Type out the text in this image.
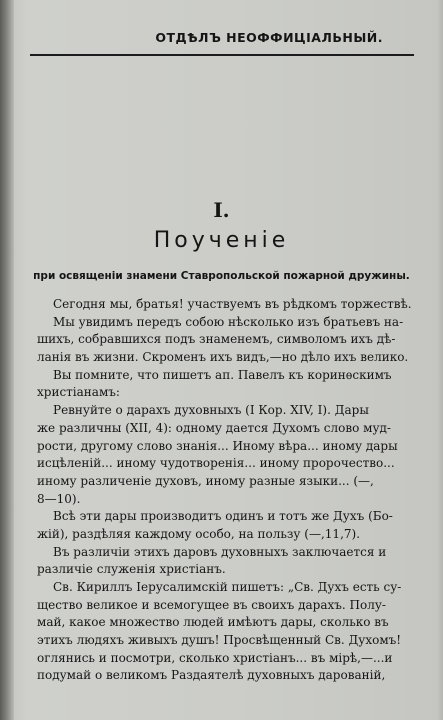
ОТДѢЛЪ НЕОФФИЦІАЛЬНЫЙ.
I.
Поученіе
при освященіи знамени Ставропольской пожарной дружины.
Сегодня мы, братья! участвуемъ въ рѣдкомъ торжествѣ.
Мы увидимъ передъ собою нѣсколько изъ братьевъ на-
шихъ, собравшихся подъ знаменемъ, символомъ ихъ дѣ-
ланія въ жизни. Скроменъ ихъ видъ,—но дѣло ихъ велико.
Вы помните, что пишетъ ап. Павелъ къ коринѳскимъ
христіанамъ:
Ревнуйте о дарахъ духовныхъ (I Кор. XIV, I). Дары
же различны (XII, 4): одному дается Духомъ слово муд-
рости, другому слово знанія... Иному вѣра... иному дары
исцѣленій... иному чудотворенія... иному пророчество...
иному различеніе духовъ, иному разные языки... (—,
8—10).
Всѣ эти дары производитъ одинъ и тотъ же Духъ (Бо-
жій), раздѣляя каждому особо, на пользу (—,11,7).
Въ различіи этихъ даровъ духовныхъ заключается и
различіе служенія христіанъ.
Св. Кириллъ Іерусалимскій пишетъ: „Св. Духъ есть су-
щество великое и всемогущее въ своихъ дарахъ. Полу-
май, какое множество людей имѣютъ дары, сколько въ
этихъ людяхъ живыхъ душъ! Просвѣщенный Св. Духомъ!
оглянись и посмотри, сколько христіанъ... въ мірѣ,—...и
подумай о великомъ Раздаятелѣ духовныхъ дарованій,
